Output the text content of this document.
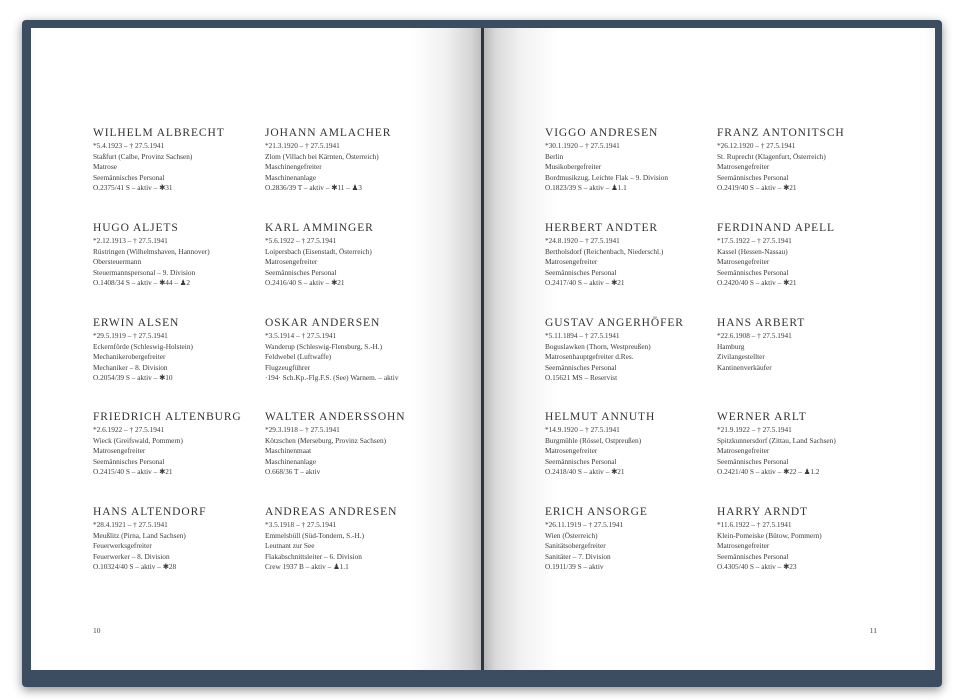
WILHELM ALBRECHT
*5.4.1923 – † 27.5.1941
Staßfurt (Calbe, Provinz Sachsen)
Matrose
Seemännisches Personal
O.2375/41 S – aktiv – ✱31
JOHANN AMLACHER
*21.3.1920 – † 27.5.1941
Zlom (Villach bei Kärnten, Österreich)
Maschinengefreiter
Maschinenanlage
O.2836/39 T – aktiv – ✱11 – ♟3
HUGO ALJETS
*2.12.1913 – † 27.5.1941
Rüstringen (Wilhelmshaven, Hannover)
Obersteuermann
Steuermannspersonal – 9. Division
O.1408/34 S – aktiv – ✱44 – ♟2
KARL AMMINGER
*5.6.1922 – † 27.5.1941
Loipersbach (Eisenstadt, Österreich)
Matrosengefreiter
Seemännisches Personal
O.2416/40 S – aktiv – ✱21
ERWIN ALSEN
*29.5.1919 – † 27.5.1941
Eckernförde (Schleswig-Holstein)
Mechanikerobergefreiter
Mechaniker – 8. Division
O.2054/39 S – aktiv – ✱10
OSKAR ANDERSEN
*3.5.1914 – † 27.5.1941
Wanderup (Schleswig-Flensburg, S.-H.)
Feldwebel (Luftwaffe)
Flugzeugführer
·194· Sch.Kp.-Flg.F.S. (See) Warnem. – aktiv
FRIEDRICH ALTENBURG
*2.6.1922 – † 27.5.1941
Wieck (Greifswald, Pommern)
Matrosengefreiter
Seemännisches Personal
O.2415/40 S – aktiv – ✱21
WALTER ANDERSSOHN
*29.3.1918 – † 27.5.1941
Kötzschen (Merseburg, Provinz Sachsen)
Maschinenmaat
Maschinenanlage
O.668/36 T – aktiv
HANS ALTENDORF
*28.4.1921 – † 27.5.1941
Meußlitz (Pirna, Land Sachsen)
Feuerwerksgefreiter
Feuerwerker – 8. Division
O.10324/40 S – aktiv – ✱28
ANDREAS ANDRESEN
*3.5.1918 – † 27.5.1941
Emmelsbüll (Süd-Tondern, S.-H.)
Leutnant zur See
Flakabschnittsleiter – 6. Division
Crew 1937 B – aktiv – ♟1.1
10
VIGGO ANDRESEN
*30.1.1920 – † 27.5.1941
Berlin
Musikobergefreiter
Bordmusikzug, Leichte Flak – 9. Division
O.1823/39 S – aktiv – ♟1.1
FRANZ ANTONITSCH
*26.12.1920 – † 27.5.1941
St. Ruprecht (Klagenfurt, Österreich)
Matrosengefreiter
Seemännisches Personal
O.2419/40 S – aktiv – ✱21
HERBERT ANDTER
*24.8.1920 – † 27.5.1941
Bertholsdorf (Reichenbach, Niederschl.)
Matrosengefreiter
Seemännisches Personal
O.2417/40 S – aktiv – ✱21
FERDINAND APELL
*17.5.1922 – † 27.5.1941
Kassel (Hessen-Nassau)
Matrosengefreiter
Seemännisches Personal
O.2420/40 S – aktiv – ✱21
GUSTAV ANGERHÖFER
*5.11.1894 – † 27.5.1941
Boguslawken (Thorn, Westpreußen)
Matrosenhauptgefreiter d.Res.
Seemännisches Personal
O.15621 MS – Reservist
HANS ARBERT
*22.6.1908 – † 27.5.1941
Hamburg
Zivilangestellter
Kantinenverkäufer
HELMUT ANNUTH
*14.9.1920 – † 27.5.1941
Burgmühle (Rössel, Ostpreußen)
Matrosengefreiter
Seemännisches Personal
O.2418/40 S – aktiv – ✱21
WERNER ARLT
*21.9.1922 – † 27.5.1941
Spitzkunnersdorf (Zittau, Land Sachsen)
Matrosengefreiter
Seemännisches Personal
O.2421/40 S – aktiv – ✱22 – ♟1.2
ERICH ANSORGE
*26.11.1919 – † 27.5.1941
Wien (Österreich)
Sanitätsobergefreiter
Sanitäter – 7. Division
O.1911/39 S – aktiv
HARRY ARNDT
*11.6.1922 – † 27.5.1941
Klein-Pomeiske (Bütow, Pommern)
Matrosengefreiter
Seemännisches Personal
O.4305/40 S – aktiv – ✱23
11
